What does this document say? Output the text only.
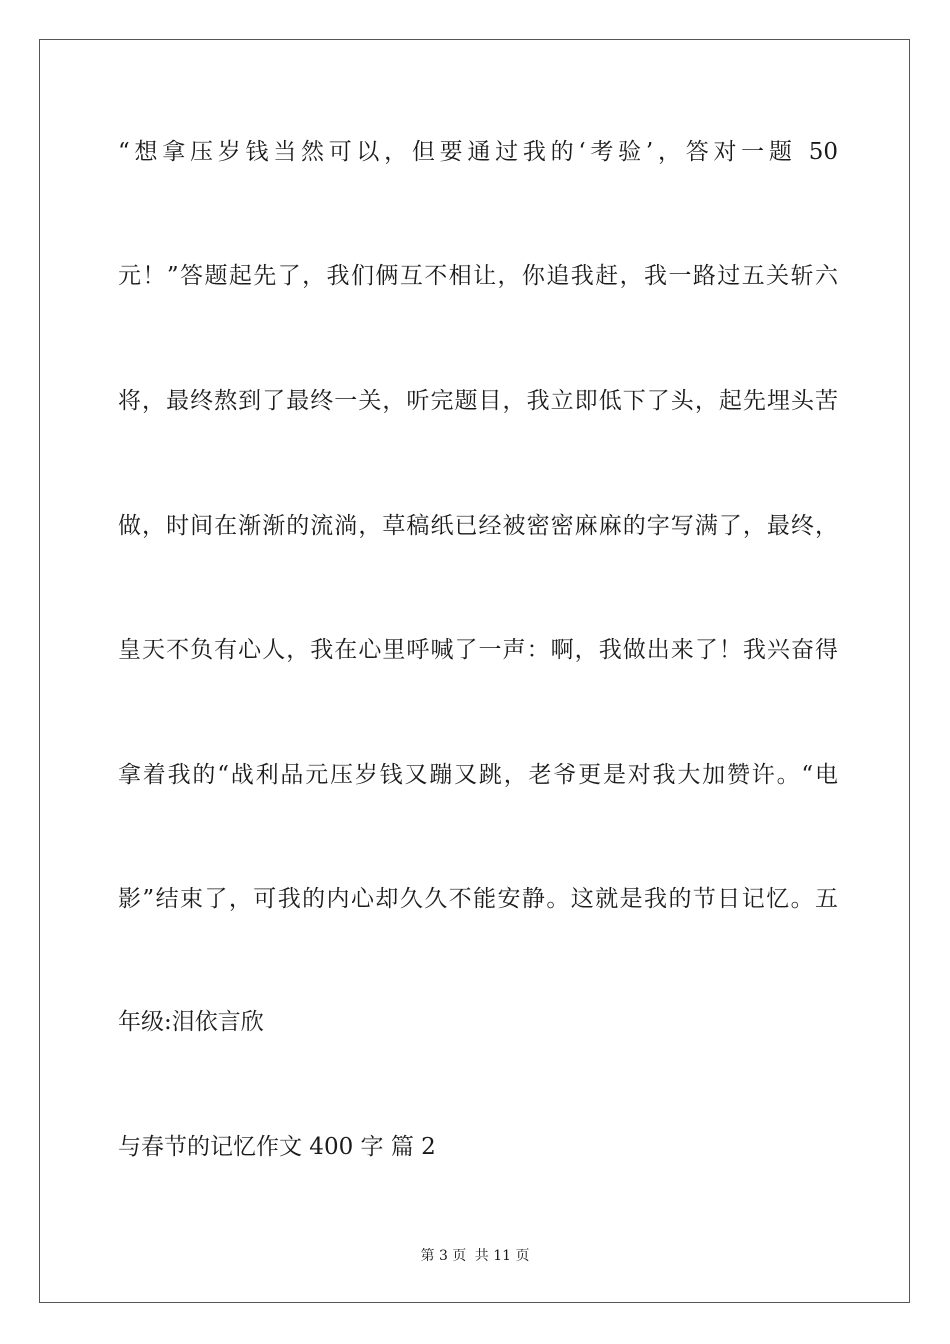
“想拿压岁钱当然可以，但要通过我的‘考验’，答对一题 50
元！”答题起先了，我们俩互不相让，你追我赶，我一路过五关斩六
将，最终熬到了最终一关，听完题目，我立即低下了头，起先埋头苦
做，时间在渐渐的流淌，草稿纸已经被密密麻麻的字写满了，最终，
皇天不负有心人，我在心里呼喊了一声：啊，我做出来了！我兴奋得
拿着我的“战利品元压岁钱又蹦又跳，老爷更是对我大加赞许。“电
影”结束了，可我的内心却久久不能安静。这就是我的节日记忆。五
年级:泪依言欣
与春节的记忆作文 400 字 篇 2
第 3 页 共 11 页
